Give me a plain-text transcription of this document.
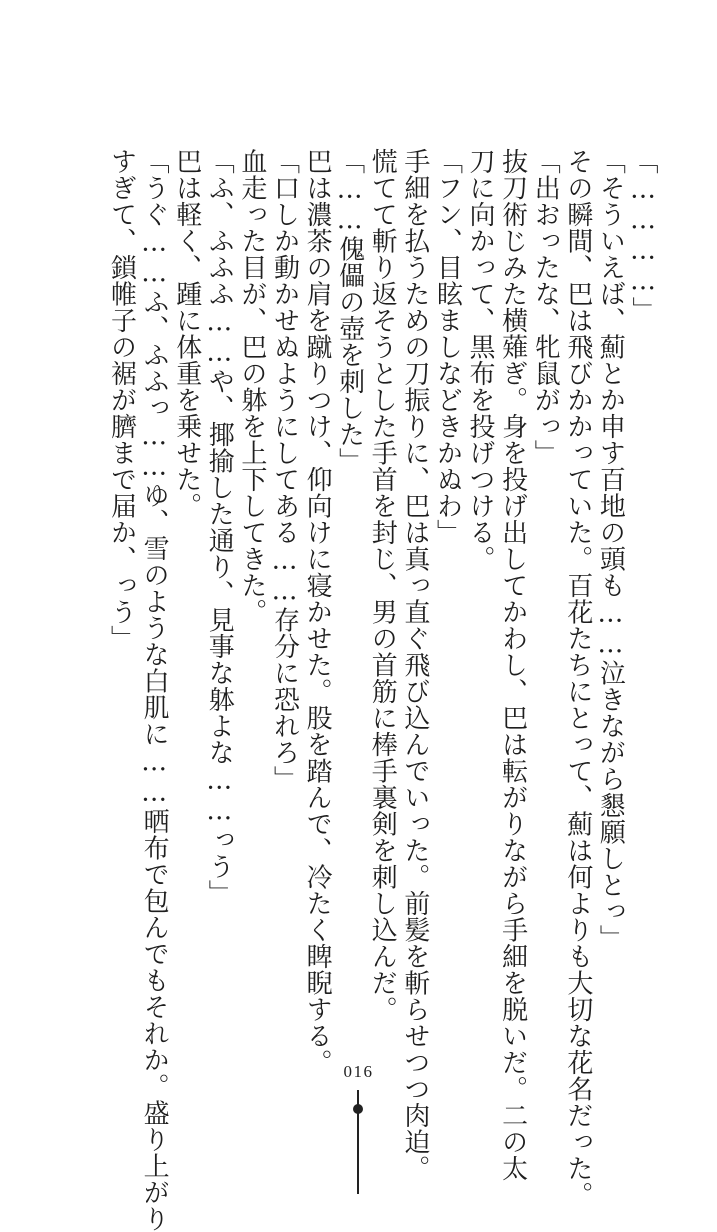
「…………」
「そういえば、薊とか申す百地の頭も……泣きながら懇願しとっ」
その瞬間、巴は飛びかかっていた。百花たちにとって、薊は何よりも大切な花名だった。
「出おったな、牝鼠がっ」
抜刀術じみた横薙ぎ。身を投げ出してかわし、巴は転がりながら手細を脱いだ。二の太
刀に向かって、黒布を投げつける。
「フン、目眩ましなどきかぬわ」
手細を払うための刀振りに、巴は真っ直ぐ飛び込んでいった。前髪を斬らせつつ肉迫。
慌てて斬り返そうとした手首を封じ、男の首筋に棒手裏剣を刺し込んだ。
「……傀儡の壺を刺した」
巴は濃茶の肩を蹴りつけ、仰向けに寝かせた。股を踏んで、冷たく睥睨する。
「口しか動かせぬようにしてある……存分に恐れろ」
血走った目が、巴の躰を上下してきた。
「ふ、ふふふ……や、揶揄した通り、見事な躰よな……っう」
巴は軽く、踵に体重を乗せた。
「うぐ……ふ、ふふっ……ゆ、雪のような白肌に……晒布で包んでもそれか。盛り上がり
すぎて、鎖帷子の裾が臍まで届か、っう」
016
